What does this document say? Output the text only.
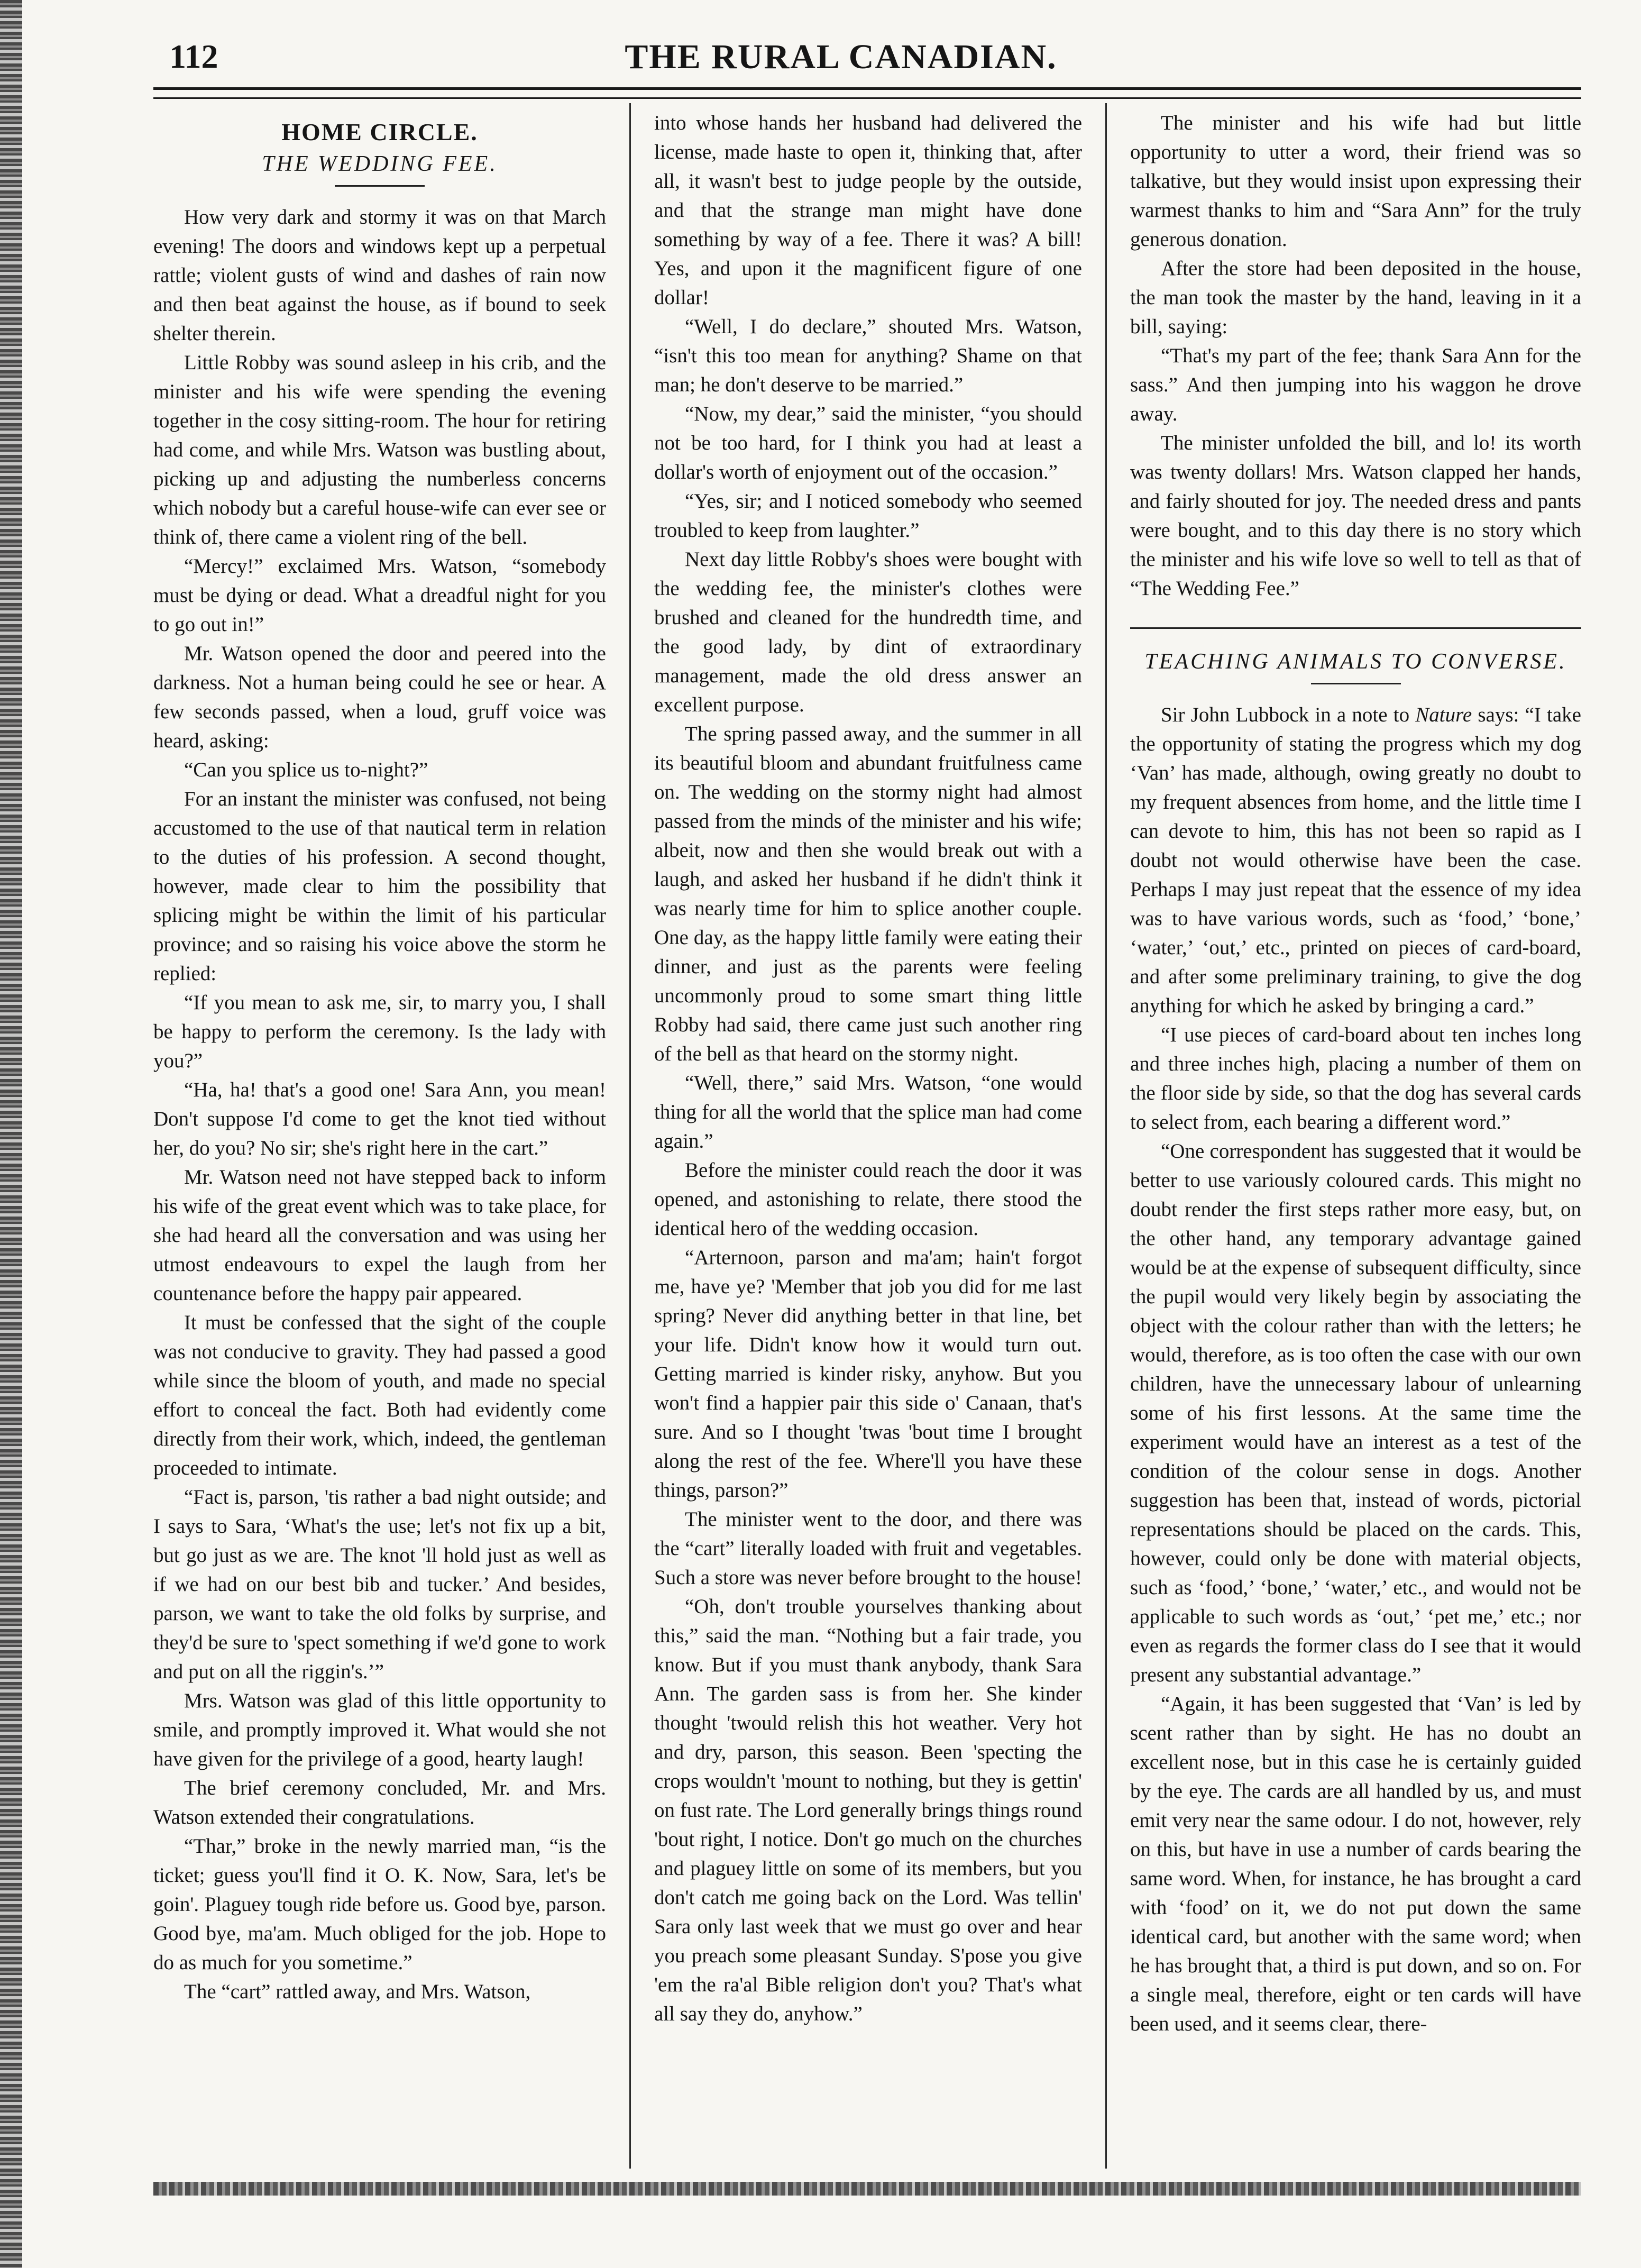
112	THE RURAL CANADIAN.
HOME CIRCLE.
THE WEDDING FEE.

How very dark and stormy it was on that March evening! The doors and windows kept up a perpetual rattle; violent gusts of wind and dashes of rain now and then beat against the house, as if bound to seek shelter therein.

Little Robby was sound asleep in his crib, and the minister and his wife were spending the evening together in the cosy sitting-room. The hour for retiring had come, and while Mrs. Watson was bustling about, picking up and adjusting the numberless concerns which nobody but a careful house-wife can ever see or think of, there came a violent ring of the bell.

“Mercy!” exclaimed Mrs. Watson, “somebody must be dying or dead. What a dreadful night for you to go out in!”

Mr. Watson opened the door and peered into the darkness. Not a human being could he see or hear. A few seconds passed, when a loud, gruff voice was heard, asking:

“Can you splice us to-night?”

For an instant the minister was confused, not being accustomed to the use of that nautical term in relation to the duties of his profession. A second thought, however, made clear to him the possibility that splicing might be within the limit of his particular province; and so raising his voice above the storm he replied:

“If you mean to ask me, sir, to marry you, I shall be happy to perform the ceremony. Is the lady with you?”

“Ha, ha! that's a good one! Sara Ann, you mean! Don't suppose I'd come to get the knot tied without her, do you? No sir; she's right here in the cart.”

Mr. Watson need not have stepped back to inform his wife of the great event which was to take place, for she had heard all the conversation and was using her utmost endeavours to expel the laugh from her countenance before the happy pair appeared.

It must be confessed that the sight of the couple was not conducive to gravity. They had passed a good while since the bloom of youth, and made no special effort to conceal the fact. Both had evidently come directly from their work, which, indeed, the gentleman proceeded to intimate.

“Fact is, parson, 'tis rather a bad night outside; and I says to Sara, ‘What's the use; let's not fix up a bit, but go just as we are. The knot 'll hold just as well as if we had on our best bib and tucker.’ And besides, parson, we want to take the old folks by surprise, and they'd be sure to 'spect something if we'd gone to work and put on all the riggin's.’”

Mrs. Watson was glad of this little opportunity to smile, and promptly improved it. What would she not have given for the privilege of a good, hearty laugh!

The brief ceremony concluded, Mr. and Mrs. Watson extended their congratulations.

“Thar,” broke in the newly married man, “is the ticket; guess you'll find it O. K. Now, Sara, let's be goin'. Plaguey tough ride before us. Good bye, parson. Good bye, ma'am. Much obliged for the job. Hope to do as much for you sometime.”

The “cart” rattled away, and Mrs. Watson,

into whose hands her husband had delivered the license, made haste to open it, thinking that, after all, it wasn't best to judge people by the outside, and that the strange man might have done something by way of a fee. There it was? A bill! Yes, and upon it the magnificent figure of one dollar!

“Well, I do declare,” shouted Mrs. Watson, “isn't this too mean for anything? Shame on that man; he don't deserve to be married.”

“Now, my dear,” said the minister, “you should not be too hard, for I think you had at least a dollar's worth of enjoyment out of the occasion.”

“Yes, sir; and I noticed somebody who seemed troubled to keep from laughter.”

Next day little Robby's shoes were bought with the wedding fee, the minister's clothes were brushed and cleaned for the hundredth time, and the good lady, by dint of extraordinary management, made the old dress answer an excellent purpose.

The spring passed away, and the summer in all its beautiful bloom and abundant fruitfulness came on. The wedding on the stormy night had almost passed from the minds of the minister and his wife; albeit, now and then she would break out with a laugh, and asked her husband if he didn't think it was nearly time for him to splice another couple. One day, as the happy little family were eating their dinner, and just as the parents were feeling uncommonly proud to some smart thing little Robby had said, there came just such another ring of the bell as that heard on the stormy night.

“Well, there,” said Mrs. Watson, “one would thing for all the world that the splice man had come again.”

Before the minister could reach the door it was opened, and astonishing to relate, there stood the identical hero of the wedding occasion.

“Arternoon, parson and ma'am; hain't forgot me, have ye? 'Member that job you did for me last spring? Never did anything better in that line, bet your life. Didn't know how it would turn out. Getting married is kinder risky, anyhow. But you won't find a happier pair this side o' Canaan, that's sure. And so I thought 'twas 'bout time I brought along the rest of the fee. Where'll you have these things, parson?”

The minister went to the door, and there was the “cart” literally loaded with fruit and vegetables. Such a store was never before brought to the house!

“Oh, don't trouble yourselves thanking about this,” said the man. “Nothing but a fair trade, you know. But if you must thank anybody, thank Sara Ann. The garden sass is from her. She kinder thought 'twould relish this hot weather. Very hot and dry, parson, this season. Been 'specting the crops wouldn't 'mount to nothing, but they is gettin' on fust rate. The Lord generally brings things round 'bout right, I notice. Don't go much on the churches and plaguey little on some of its members, but you don't catch me going back on the Lord. Was tellin' Sara only last week that we must go over and hear you preach some pleasant Sunday. S'pose you give 'em the ra'al Bible religion don't you? That's what all say they do, anyhow.”

The minister and his wife had but little opportunity to utter a word, their friend was so talkative, but they would insist upon expressing their warmest thanks to him and “Sara Ann” for the truly generous donation.

After the store had been deposited in the house, the man took the master by the hand, leaving in it a bill, saying:

“That's my part of the fee; thank Sara Ann for the sass.” And then jumping into his waggon he drove away.

The minister unfolded the bill, and lo! its worth was twenty dollars! Mrs. Watson clapped her hands, and fairly shouted for joy. The needed dress and pants were bought, and to this day there is no story which the minister and his wife love so well to tell as that of “The Wedding Fee.”

TEACHING ANIMALS TO CONVERSE.

Sir John Lubbock in a note to Nature says: “I take the opportunity of stating the progress which my dog ‘Van’ has made, although, owing greatly no doubt to my frequent absences from home, and the little time I can devote to him, this has not been so rapid as I doubt not would otherwise have been the case. Perhaps I may just repeat that the essence of my idea was to have various words, such as ‘food,’ ‘bone,’ ‘water,’ ‘out,’ etc., printed on pieces of card-board, and after some preliminary training, to give the dog anything for which he asked by bringing a card.”

“I use pieces of card-board about ten inches long and three inches high, placing a number of them on the floor side by side, so that the dog has several cards to select from, each bearing a different word.”

“One correspondent has suggested that it would be better to use variously coloured cards. This might no doubt render the first steps rather more easy, but, on the other hand, any temporary advantage gained would be at the expense of subsequent difficulty, since the pupil would very likely begin by associating the object with the colour rather than with the letters; he would, therefore, as is too often the case with our own children, have the unnecessary labour of unlearning some of his first lessons. At the same time the experiment would have an interest as a test of the condition of the colour sense in dogs. Another suggestion has been that, instead of words, pictorial representations should be placed on the cards. This, however, could only be done with material objects, such as ‘food,’ ‘bone,’ ‘water,’ etc., and would not be applicable to such words as ‘out,’ ‘pet me,’ etc.; nor even as regards the former class do I see that it would present any substantial advantage.”

“Again, it has been suggested that ‘Van’ is led by scent rather than by sight. He has no doubt an excellent nose, but in this case he is certainly guided by the eye. The cards are all handled by us, and must emit very near the same odour. I do not, however, rely on this, but have in use a number of cards bearing the same word. When, for instance, he has brought a card with ‘food’ on it, we do not put down the same identical card, but another with the same word; when he has brought that, a third is put down, and so on. For a single meal, therefore, eight or ten cards will have been used, and it seems clear, there-
